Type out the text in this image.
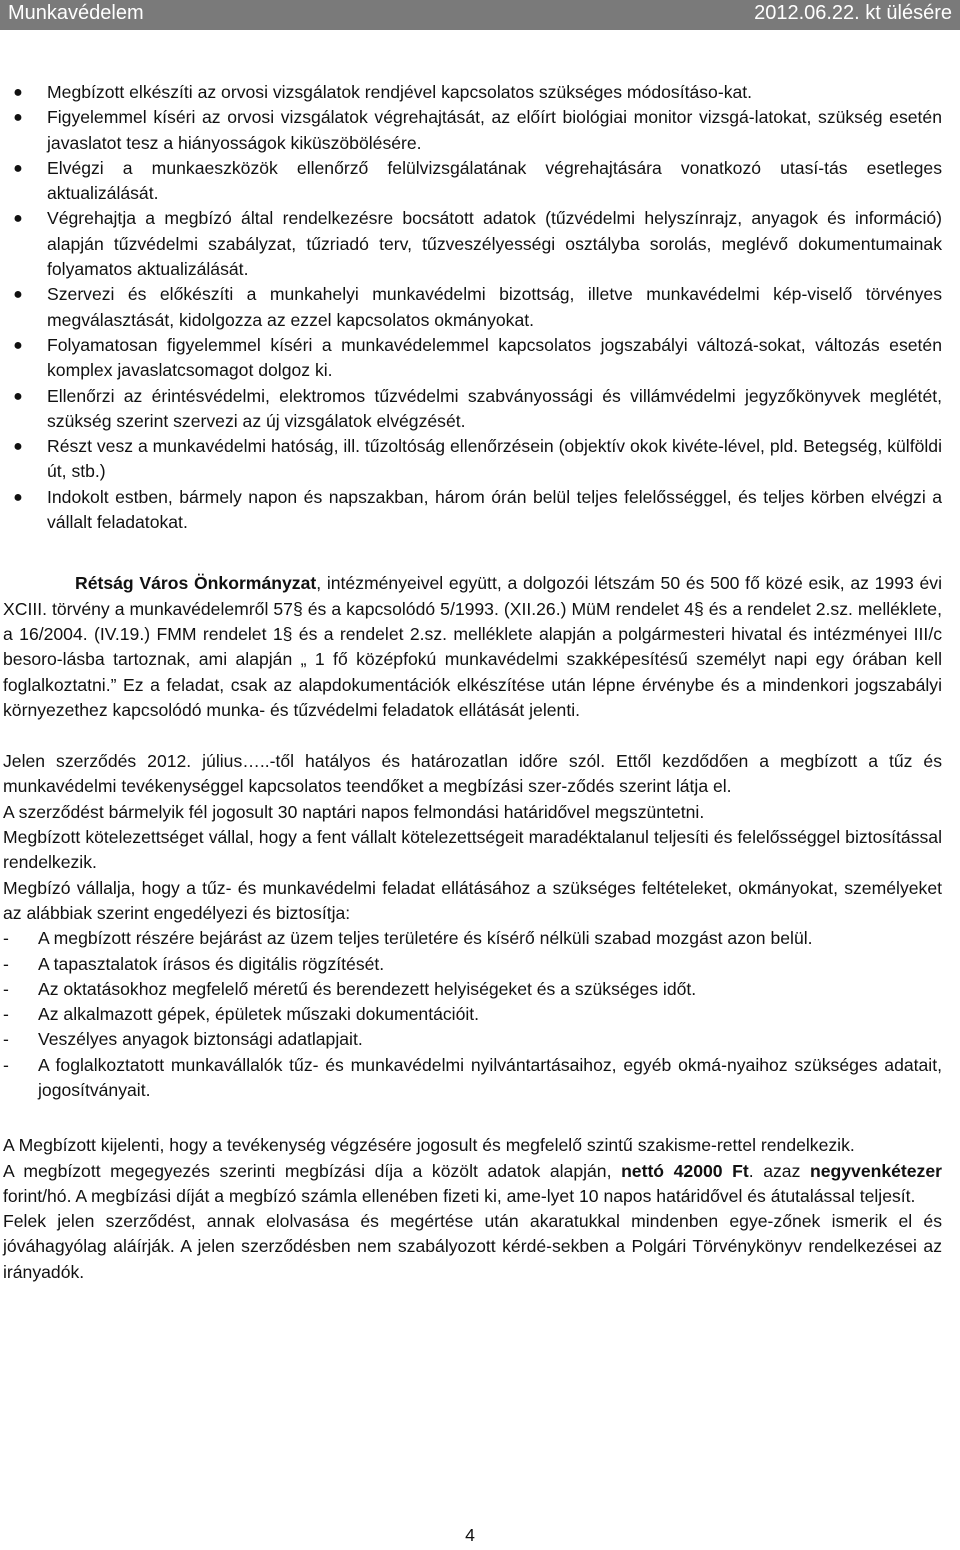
Munkavédelem	2012.06.22. kt ülésére
● Megbízott elkészíti az orvosi vizsgálatok rendjével kapcsolatos szükséges módosításo-kat.
● Figyelemmel kíséri az orvosi vizsgálatok végrehajtását, az előírt biológiai monitor vizsgá-latokat, szükség esetén javaslatot tesz a hiányosságok kiküszöbölésére.
● Elvégzi a munkaeszközök ellenőrző felülvizsgálatának végrehajtására vonatkozó utasí-tás esetleges aktualizálását.
● Végrehajtja a megbízó által rendelkezésre bocsátott adatok (tűzvédelmi helyszínrajz, anyagok és információ) alapján tűzvédelmi szabályzat, tűzriadó terv, tűzveszélyességi osztályba sorolás, meglévő dokumentumainak folyamatos aktualizálását.
● Szervezi és előkészíti a munkahelyi munkavédelmi bizottság, illetve munkavédelmi kép-viselő törvényes megválasztását, kidolgozza az ezzel kapcsolatos okmányokat.
● Folyamatosan figyelemmel kíséri a munkavédelemmel kapcsolatos jogszabályi változá-sokat, változás esetén komplex javaslatcsomagot dolgoz ki.
● Ellenőrzi az érintésvédelmi, elektromos tűzvédelmi szabványossági és villámvédelmi jegyzőkönyvek meglétét, szükség szerint szervezi az új vizsgálatok elvégzését.
● Részt vesz a munkavédelmi hatóság, ill. tűzoltóság ellenőrzésein (objektív okok kivéte-lével, pld. Betegség, külföldi út, stb.)
● Indokolt estben, bármely napon és napszakban, három órán belül teljes felelősséggel, és teljes körben elvégzi a vállalt feladatokat.

Rétság Város Önkormányzat, intézményeivel együtt, a dolgozói létszám 50 és 500 fő közé esik, az 1993 évi XCIII. törvény a munkavédelemről 57§ és a kapcsolódó 5/1993. (XII.26.) MüM rendelet 4§ és a rendelet 2.sz. melléklete, a 16/2004. (IV.19.) FMM rendelet 1§ és a rendelet 2.sz. melléklete alapján a polgármesteri hivatal és intézményei III/c besoro-lásba tartoznak, ami alapján „ 1 fő középfokú munkavédelmi szakképesítésű személyt napi egy órában kell foglalkoztatni.” Ez a feladat, csak az alapdokumentációk elkészítése után lépne érvénybe és a mindenkori jogszabályi környezethez kapcsolódó munka- és tűzvédelmi feladatok ellátását jelenti.

Jelen szerződés 2012. július…..-től hatályos és határozatlan időre szól. Ettől kezdődően a megbízott a tűz és munkavédelmi tevékenységgel kapcsolatos teendőket a megbízási szer-ződés szerint látja el.

A szerződést bármelyik fél jogosult 30 naptári napos felmondási határidővel megszüntetni.

Megbízott kötelezettséget vállal, hogy a fent vállalt kötelezettségeit maradéktalanul teljesíti és felelősséggel biztosítással rendelkezik.

Megbízó vállalja, hogy a tűz- és munkavédelmi feladat ellátásához a szükséges feltételeket, okmányokat, személyeket az alábbiak szerint engedélyezi és biztosítja:

- A megbízott részére bejárást az üzem teljes területére és kísérő nélküli szabad mozgást azon belül.
- A tapasztalatok írásos és digitális rögzítését.
- Az oktatásokhoz megfelelő méretű és berendezett helyiségeket és a szükséges időt.
- Az alkalmazott gépek, épületek műszaki dokumentációit.
- Veszélyes anyagok biztonsági adatlapjait.
- A foglalkoztatott munkavállalók tűz- és munkavédelmi nyilvántartásaihoz, egyéb okmá-nyaihoz szükséges adatait, jogosítványait.

A Megbízott kijelenti, hogy a tevékenység végzésére jogosult és megfelelő szintű szakisme-rettel rendelkezik.

A megbízott megegyezés szerinti megbízási díja a közölt adatok alapján, nettó 42000 Ft. azaz negyvenkétezer forint/hó. A megbízási díját a megbízó számla ellenében fizeti ki, ame-lyet 10 napos határidővel és átutalással teljesít.

Felek jelen szerződést, annak elolvasása és megértése után akaratukkal mindenben egye-zőnek ismerik el és jóváhagyólag aláírják. A jelen szerződésben nem szabályozott kérdé-sekben a Polgári Törvénykönyv rendelkezései az irányadók.

4
